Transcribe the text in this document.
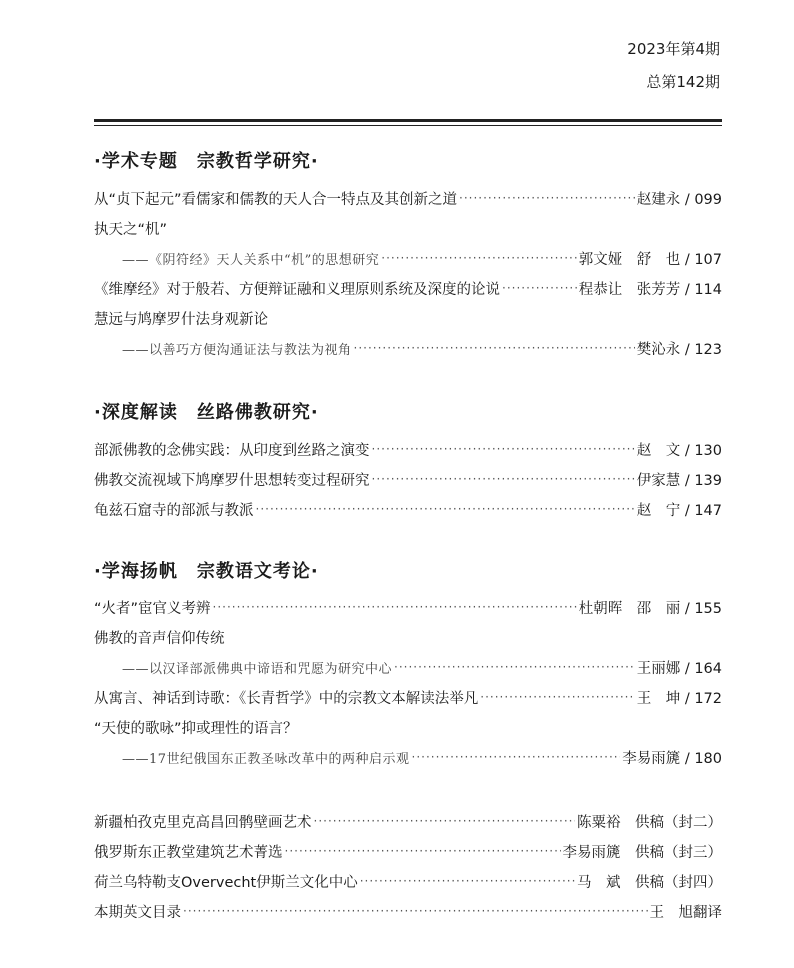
2023年第4期
总第142期
·学术专题　宗教哲学研究·
从“贞下起元”看儒家和儒教的天人合一特点及其创新之道 ·····	赵建永 / 099
执天之“机”
——《阴符经》天人关系中“机”的思想研究 ·····	郭文娅　舒　也 / 107
《维摩经》对于般若、方便辩证融和义理原则系统及深度的论说 ·····	程恭让　张芳芳 / 114
慧远与鸠摩罗什法身观新论
——以善巧方便沟通证法与教法为视角 ·····	樊沁永 / 123
·深度解读　丝路佛教研究·
部派佛教的念佛实践：从印度到丝路之演变 ·····	赵　文 / 130
佛教交流视域下鸠摩罗什思想转变过程研究 ·····	伊家慧 / 139
龟兹石窟寺的部派与教派 ·····	赵　宁 / 147
·学海扬帆　宗教语文考论·
“火者”宦官义考辨 ·····	杜朝晖　邵　丽 / 155
佛教的音声信仰传统
——以汉译部派佛典中谛语和咒愿为研究中心 ·····	王丽娜 / 164
从寓言、神话到诗歌：《长青哲学》中的宗教文本解读法举凡 ·····	王　坤 / 172
“天使的歌咏”抑或理性的语言？
——17世纪俄国东正教圣咏改革中的两种启示观 ·····	李易雨篪 / 180
新疆柏孜克里克高昌回鹘壁画艺术 ·····	陈粟裕　供稿（封二）
俄罗斯东正教堂建筑艺术菁选 ·····	李易雨篪　供稿（封三）
荷兰乌特勒支Overvecht伊斯兰文化中心 ·····	马　斌　供稿（封四）
本期英文目录 ·····	王　旭翻译
